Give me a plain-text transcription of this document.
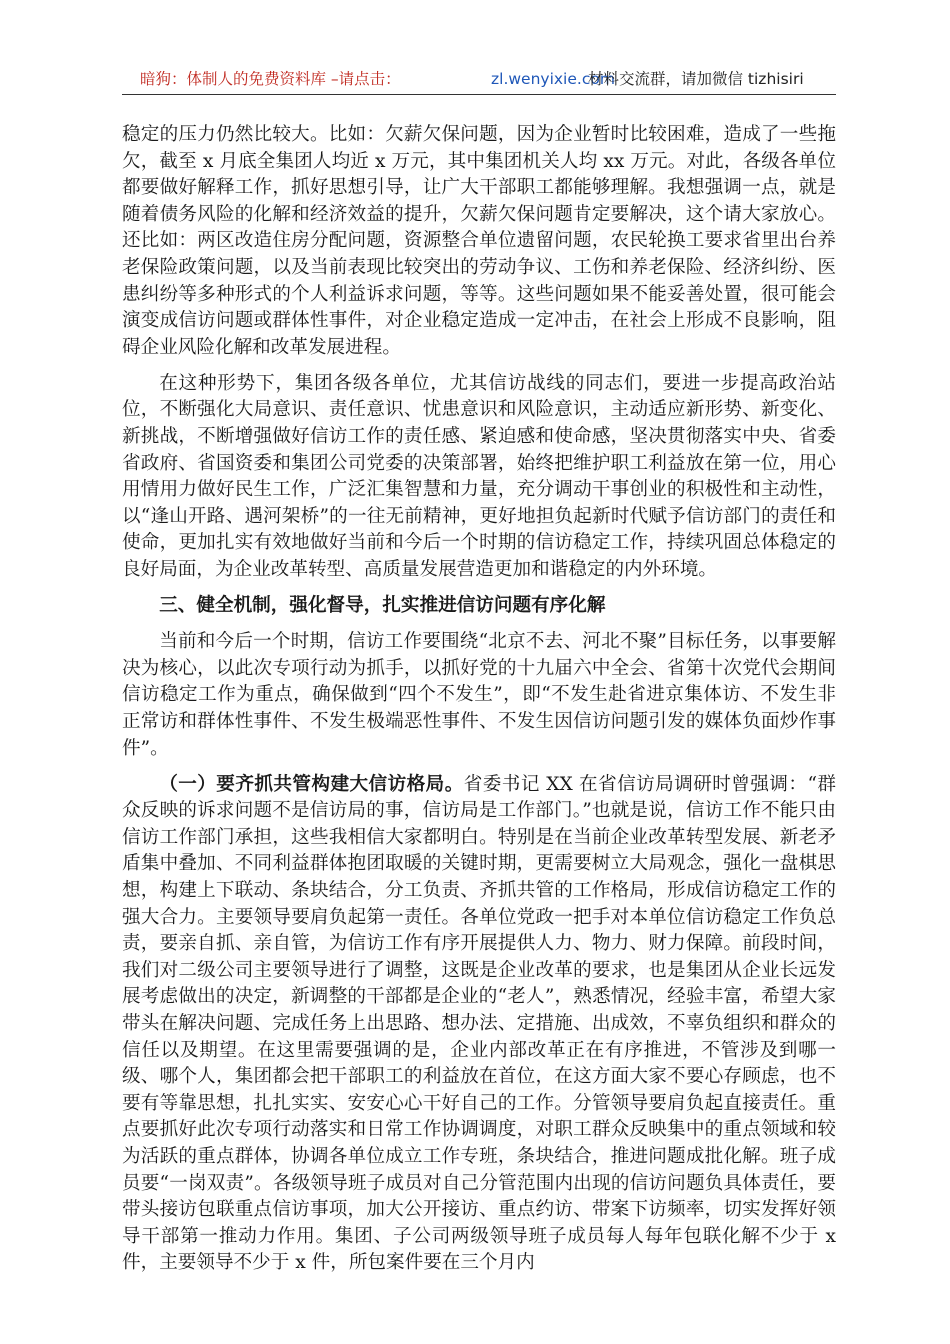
暗狗：体制人的免费资料库 –请点击：	zl.wenyixie.com
材料交流群，请加微信 tizhisiri

稳定的压力仍然比较大。比如：欠薪欠保问题，因为企业暂时比较困难，造成了一些拖欠，截至 x 月底全集团人均近 x 万元，其中集团机关人均 xx 万元。对此，各级各单位都要做好解释工作，抓好思想引导，让广大干部职工都能够理解。我想强调一点，就是随着债务风险的化解和经济效益的提升，欠薪欠保问题肯定要解决，这个请大家放心。还比如：两区改造住房分配问题，资源整合单位遗留问题，农民轮换工要求省里出台养老保险政策问题，以及当前表现比较突出的劳动争议、工伤和养老保险、经济纠纷、医患纠纷等多种形式的个人利益诉求问题，等等。这些问题如果不能妥善处置，很可能会演变成信访问题或群体性事件，对企业稳定造成一定冲击，在社会上形成不良影响，阻碍企业风险化解和改革发展进程。

在这种形势下，集团各级各单位，尤其信访战线的同志们，要进一步提高政治站位，不断强化大局意识、责任意识、忧患意识和风险意识，主动适应新形势、新变化、新挑战，不断增强做好信访工作的责任感、紧迫感和使命感，坚决贯彻落实中央、省委省政府、省国资委和集团公司党委的决策部署，始终把维护职工利益放在第一位，用心用情用力做好民生工作，广泛汇集智慧和力量，充分调动干事创业的积极性和主动性，以“逢山开路、遇河架桥”的一往无前精神，更好地担负起新时代赋予信访部门的责任和使命，更加扎实有效地做好当前和今后一个时期的信访稳定工作，持续巩固总体稳定的良好局面，为企业改革转型、高质量发展营造更加和谐稳定的内外环境。

三、健全机制，强化督导，扎实推进信访问题有序化解

当前和今后一个时期，信访工作要围绕“北京不去、河北不聚”目标任务，以事要解决为核心，以此次专项行动为抓手，以抓好党的十九届六中全会、省第十次党代会期间信访稳定工作为重点，确保做到“四个不发生”，即“不发生赴省进京集体访、不发生非正常访和群体性事件、不发生极端恶性事件、不发生因信访问题引发的媒体负面炒作事件”。

（一）要齐抓共管构建大信访格局。省委书记 XX 在省信访局调研时曾强调：“群众反映的诉求问题不是信访局的事，信访局是工作部门。”也就是说，信访工作不能只由信访工作部门承担，这些我相信大家都明白。特别是在当前企业改革转型发展、新老矛盾集中叠加、不同利益群体抱团取暖的关键时期，更需要树立大局观念，强化一盘棋思想，构建上下联动、条块结合，分工负责、齐抓共管的工作格局，形成信访稳定工作的强大合力。主要领导要肩负起第一责任。各单位党政一把手对本单位信访稳定工作负总责，要亲自抓、亲自管，为信访工作有序开展提供人力、物力、财力保障。前段时间，我们对二级公司主要领导进行了调整，这既是企业改革的要求，也是集团从企业长远发展考虑做出的决定，新调整的干部都是企业的“老人”，熟悉情况，经验丰富，希望大家带头在解决问题、完成任务上出思路、想办法、定措施、出成效，不辜负组织和群众的信任以及期望。在这里需要强调的是，企业内部改革正在有序推进，不管涉及到哪一级、哪个人，集团都会把干部职工的利益放在首位，在这方面大家不要心存顾虑，也不要有等靠思想，扎扎实实、安安心心干好自己的工作。分管领导要肩负起直接责任。重点要抓好此次专项行动落实和日常工作协调调度，对职工群众反映集中的重点领域和较为活跃的重点群体，协调各单位成立工作专班，条块结合，推进问题成批化解。班子成员要“一岗双责”。各级领导班子成员对自己分管范围内出现的信访问题负具体责任，要带头接访包联重点信访事项，加大公开接访、重点约访、带案下访频率，切实发挥好领导干部第一推动力作用。集团、子公司两级领导班子成员每人每年包联化解不少于 x 件，主要领导不少于 x 件，所包案件要在三个月内
